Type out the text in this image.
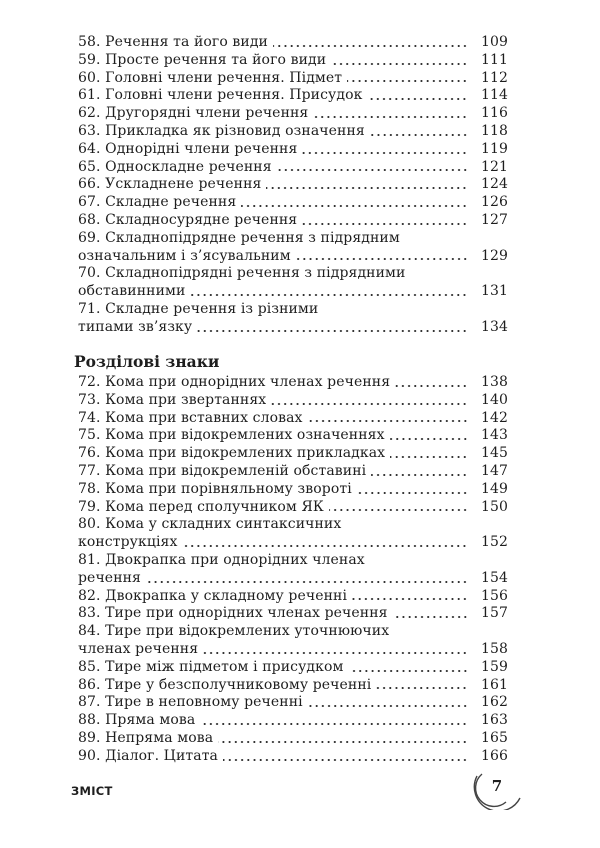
58. Речення та його види	109
59. Просте речення та його види	111
60. Головні члени речення. Підмет	112
61. Головні члени речення. Присудок	114
62. Другорядні члени речення	116
63. Прикладка як різновид означення	118
64. Однорідні члени речення	119
65. Односкладне речення	121
66. Ускладнене речення	124
67. Складне речення	126
68. Складносурядне речення	127
69. Складнопідрядне речення з підрядним
означальним і з’ясувальним	129
70. Складнопідрядні речення з підрядними
обставинними	131
71. Складне речення із різними
типами зв’язку	134
Розділові знаки
72. Кома при однорідних членах речення	138
73. Кома при звертаннях	140
74. Кома при вставних словах	142
75. Кома при відокремлених означеннях	143
76. Кома при відокремлених прикладках	145
77. Кома при відокремленій обставині	147
78. Кома при порівняльному звороті	149
79. Кома перед сполучником ЯК	150
80. Кома у складних синтаксичних
конструкціях	152
81. Двокрапка при однорідних членах
речення	154
82. Двокрапка у складному реченні	156
83. Тире при однорідних членах речення	157
84. Тире при відокремлених уточнюючих
членах речення	158
85. Тире між підметом і присудком	159
86. Тире у безсполучниковому реченні	161
87. Тире в неповному реченні	162
88. Пряма мова	163
89. Непряма мова	165
90. Діалог. Цитата	166
ЗМІСТ	7
